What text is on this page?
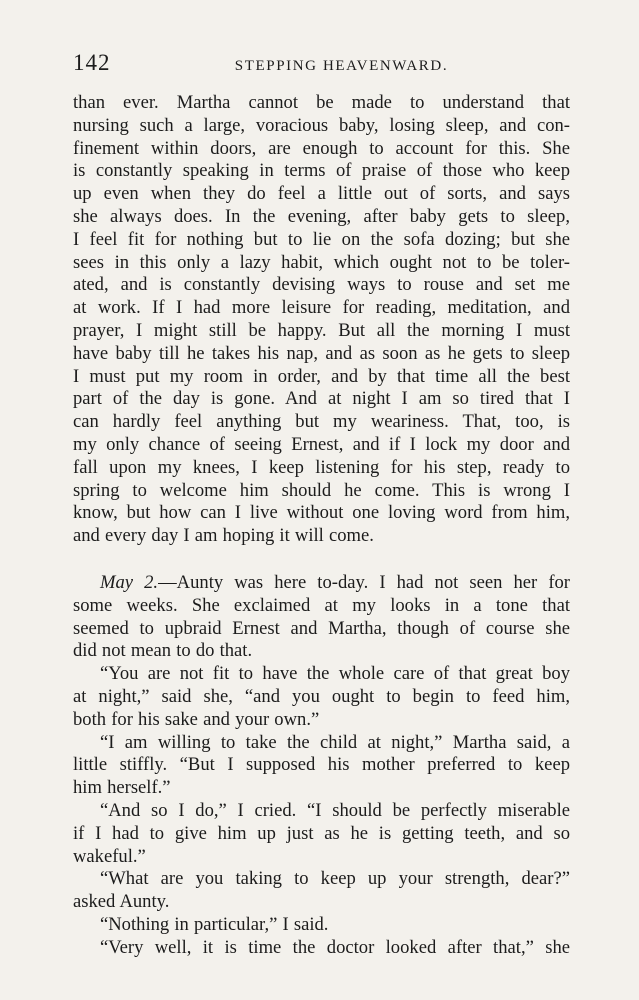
142	STEPPING HEAVENWARD.
than ever. Martha cannot be made to understand that
nursing such a large, voracious baby, losing sleep, and con-
finement within doors, are enough to account for this. She
is constantly speaking in terms of praise of those who keep
up even when they do feel a little out of sorts, and says
she always does. In the evening, after baby gets to sleep,
I feel fit for nothing but to lie on the sofa dozing; but she
sees in this only a lazy habit, which ought not to be toler-
ated, and is constantly devising ways to rouse and set me
at work. If I had more leisure for reading, meditation, and
prayer, I might still be happy. But all the morning I must
have baby till he takes his nap, and as soon as he gets to sleep
I must put my room in order, and by that time all the best
part of the day is gone. And at night I am so tired that I
can hardly feel anything but my weariness. That, too, is
my only chance of seeing Ernest, and if I lock my door and
fall upon my knees, I keep listening for his step, ready to
spring to welcome him should he come. This is wrong I
know, but how can I live without one loving word from him,
and every day I am hoping it will come.
May 2.—Aunty was here to-day. I had not seen her for
some weeks. She exclaimed at my looks in a tone that
seemed to upbraid Ernest and Martha, though of course she
did not mean to do that.
“You are not fit to have the whole care of that great boy
at night,” said she, “and you ought to begin to feed him,
both for his sake and your own.”
“I am willing to take the child at night,” Martha said, a
little stiffly. “But I supposed his mother preferred to keep
him herself.”
“And so I do,” I cried. “I should be perfectly miserable
if I had to give him up just as he is getting teeth, and so
wakeful.”
“What are you taking to keep up your strength, dear?”
asked Aunty.
“Nothing in particular,” I said.
“Very well, it is time the doctor looked after that,” she
